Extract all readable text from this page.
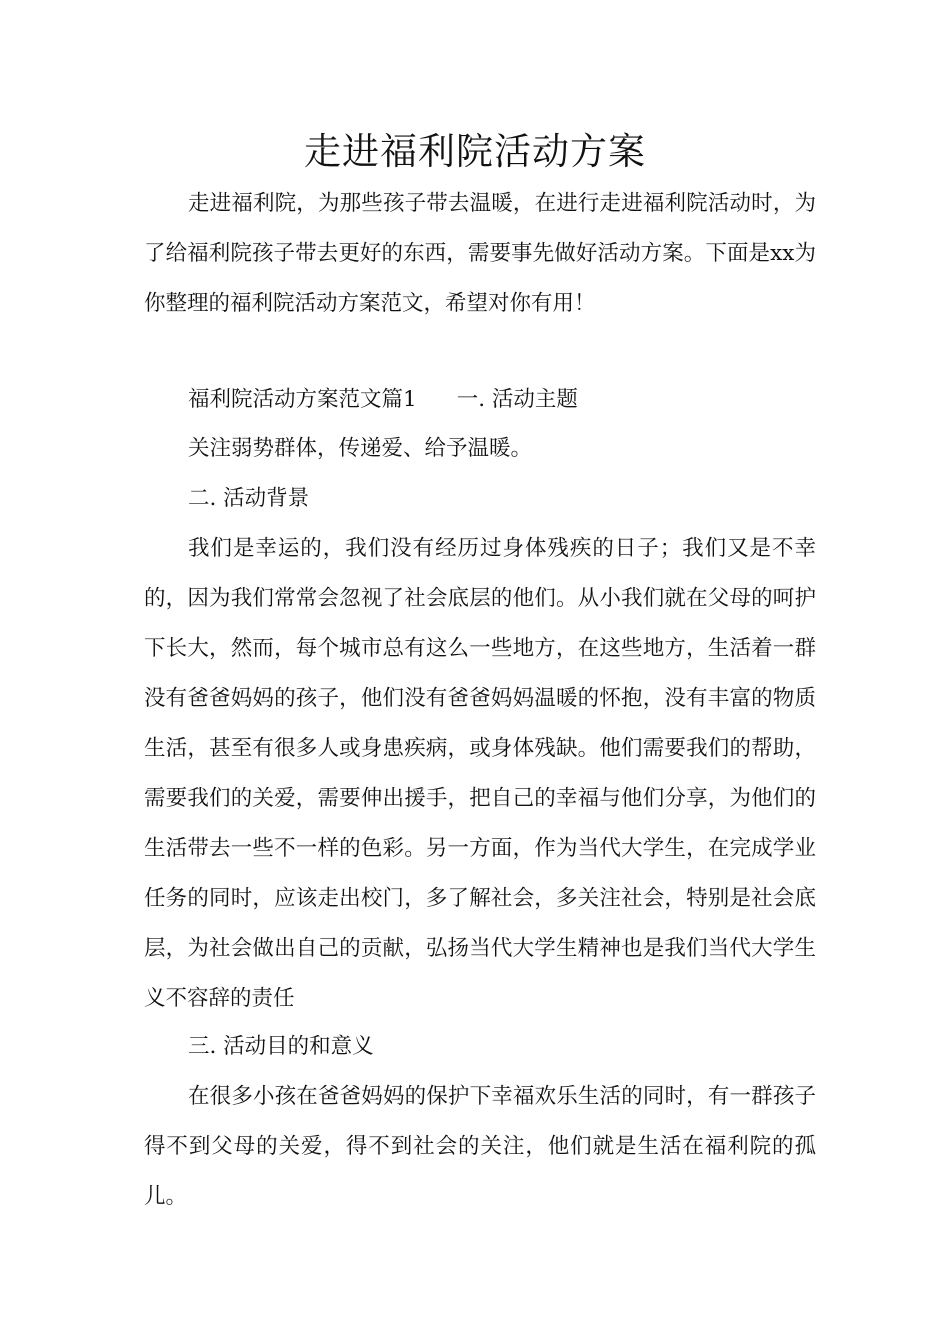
走进福利院活动方案

走进福利院，为那些孩子带去温暖，在进行走进福利院活动时，为了给福利院孩子带去更好的东西，需要事先做好活动方案。下面是xx为你整理的福利院活动方案范文，希望对你有用！

福利院活动方案范文篇1 一. 活动主题

关注弱势群体，传递爱、给予温暖。

二. 活动背景

我们是幸运的，我们没有经历过身体残疾的日子；我们又是不幸的，因为我们常常会忽视了社会底层的他们。从小我们就在父母的呵护下长大，然而，每个城市总有这么一些地方，在这些地方，生活着一群没有爸爸妈妈的孩子，他们没有爸爸妈妈温暖的怀抱，没有丰富的物质生活，甚至有很多人或身患疾病，或身体残缺。他们需要我们的帮助，需要我们的关爱，需要伸出援手，把自己的幸福与他们分享，为他们的生活带去一些不一样的色彩。另一方面，作为当代大学生，在完成学业任务的同时，应该走出校门，多了解社会，多关注社会，特别是社会底层，为社会做出自己的贡献，弘扬当代大学生精神也是我们当代大学生义不容辞的责任

三. 活动目的和意义

在很多小孩在爸爸妈妈的保护下幸福欢乐生活的同时，有一群孩子得不到父母的关爱，得不到社会的关注，他们就是生活在福利院的孤儿。
